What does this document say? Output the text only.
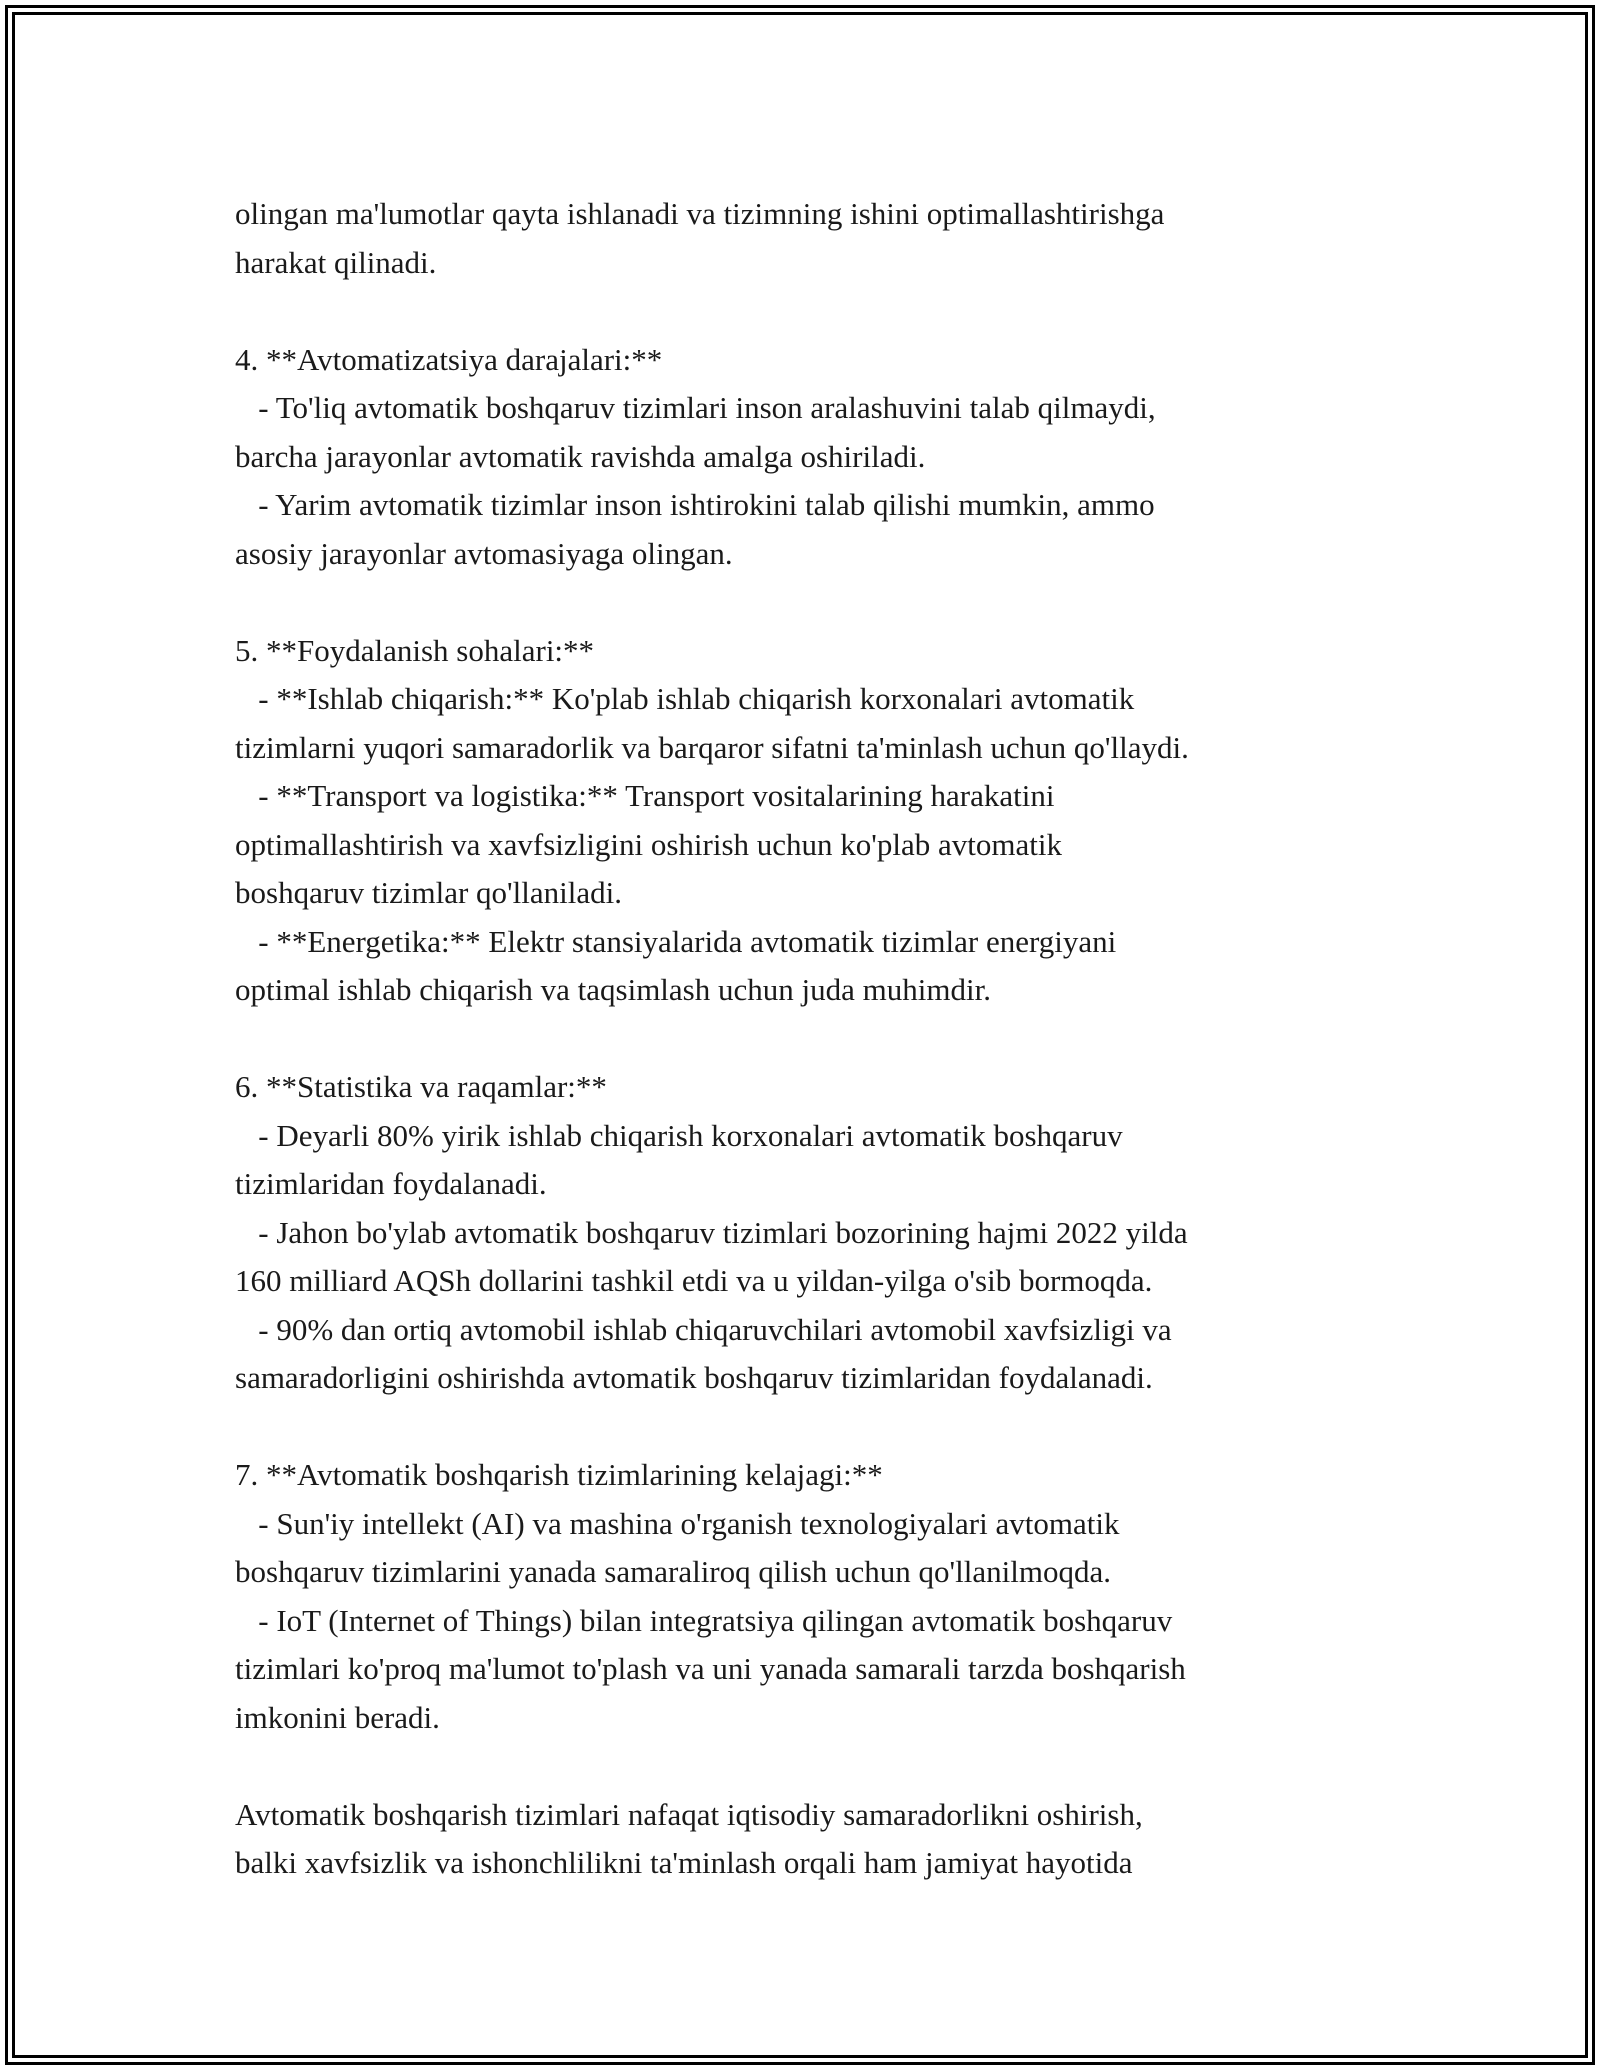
olingan ma'lumotlar qayta ishlanadi va tizimning ishini optimallashtirishga
harakat qilinadi.
4. **Avtomatizatsiya darajalari:**
- To'liq avtomatik boshqaruv tizimlari inson aralashuvini talab qilmaydi,
barcha jarayonlar avtomatik ravishda amalga oshiriladi.
- Yarim avtomatik tizimlar inson ishtirokini talab qilishi mumkin, ammo
asosiy jarayonlar avtomasiyaga olingan.
5. **Foydalanish sohalari:**
- **Ishlab chiqarish:** Ko'plab ishlab chiqarish korxonalari avtomatik
tizimlarni yuqori samaradorlik va barqaror sifatni ta'minlash uchun qo'llaydi.
- **Transport va logistika:** Transport vositalarining harakatini
optimallashtirish va xavfsizligini oshirish uchun ko'plab avtomatik
boshqaruv tizimlar qo'llaniladi.
- **Energetika:** Elektr stansiyalarida avtomatik tizimlar energiyani
optimal ishlab chiqarish va taqsimlash uchun juda muhimdir.
6. **Statistika va raqamlar:**
- Deyarli 80% yirik ishlab chiqarish korxonalari avtomatik boshqaruv
tizimlaridan foydalanadi.
- Jahon bo'ylab avtomatik boshqaruv tizimlari bozorining hajmi 2022 yilda
160 milliard AQSh dollarini tashkil etdi va u yildan-yilga o'sib bormoqda.
- 90% dan ortiq avtomobil ishlab chiqaruvchilari avtomobil xavfsizligi va
samaradorligini oshirishda avtomatik boshqaruv tizimlaridan foydalanadi.
7. **Avtomatik boshqarish tizimlarining kelajagi:**
- Sun'iy intellekt (AI) va mashina o'rganish texnologiyalari avtomatik
boshqaruv tizimlarini yanada samaraliroq qilish uchun qo'llanilmoqda.
- IoT (Internet of Things) bilan integratsiya qilingan avtomatik boshqaruv
tizimlari ko'proq ma'lumot to'plash va uni yanada samarali tarzda boshqarish
imkonini beradi.
Avtomatik boshqarish tizimlari nafaqat iqtisodiy samaradorlikni oshirish,
balki xavfsizlik va ishonchlilikni ta'minlash orqali ham jamiyat hayotida
